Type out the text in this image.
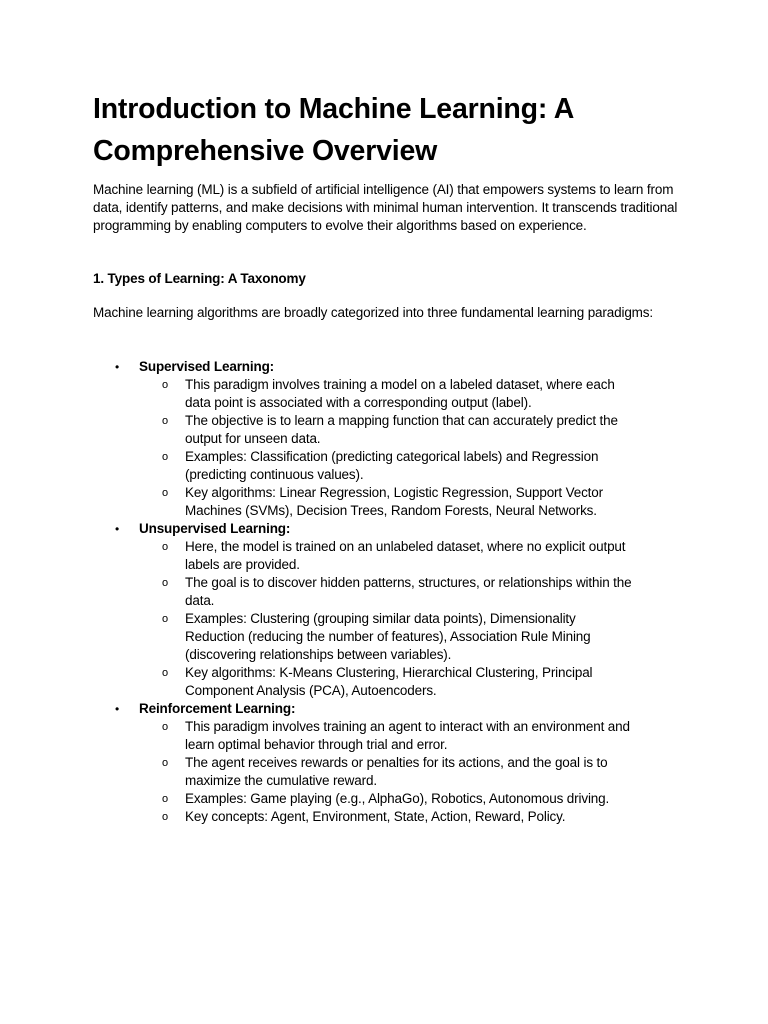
Introduction to Machine Learning: A Comprehensive Overview

Machine learning (ML) is a subfield of artificial intelligence (AI) that empowers systems to learn from data, identify patterns, and make decisions with minimal human intervention. It transcends traditional programming by enabling computers to evolve their algorithms based on experience.

1. Types of Learning: A Taxonomy

Machine learning algorithms are broadly categorized into three fundamental learning paradigms:

• Supervised Learning:
o This paradigm involves training a model on a labeled dataset, where each data point is associated with a corresponding output (label).
o The objective is to learn a mapping function that can accurately predict the output for unseen data.
o Examples: Classification (predicting categorical labels) and Regression (predicting continuous values).
o Key algorithms: Linear Regression, Logistic Regression, Support Vector Machines (SVMs), Decision Trees, Random Forests, Neural Networks.
• Unsupervised Learning:
o Here, the model is trained on an unlabeled dataset, where no explicit output labels are provided.
o The goal is to discover hidden patterns, structures, or relationships within the data.
o Examples: Clustering (grouping similar data points), Dimensionality Reduction (reducing the number of features), Association Rule Mining (discovering relationships between variables).
o Key algorithms: K-Means Clustering, Hierarchical Clustering, Principal Component Analysis (PCA), Autoencoders.
• Reinforcement Learning:
o This paradigm involves training an agent to interact with an environment and learn optimal behavior through trial and error.
o The agent receives rewards or penalties for its actions, and the goal is to maximize the cumulative reward.
o Examples: Game playing (e.g., AlphaGo), Robotics, Autonomous driving.
o Key concepts: Agent, Environment, State, Action, Reward, Policy.
